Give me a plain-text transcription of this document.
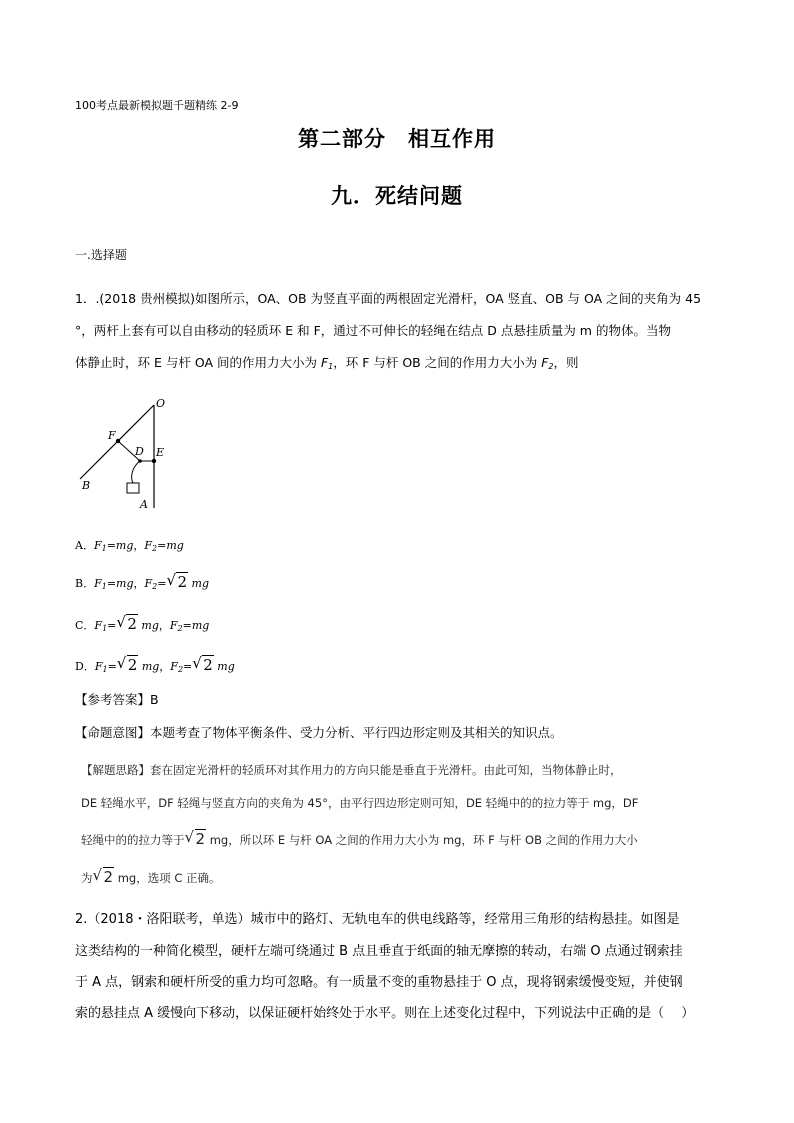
100考点最新模拟题千题精练 2-9
第二部分　相互作用
九．死结问题
一.选择题
1．.(2018 贵州模拟)如图所示，OA、OB 为竖直平面的两根固定光滑杆，OA 竖直、OB 与 OA 之间的夹角为 45
°，两杆上套有可以自由移动的轻质环 E 和 F，通过不可伸长的轻绳在结点 D 点悬挂质量为 m 的物体。当物
体静止时，环 E 与杆 OA 间的作用力大小为 $F_1$，环 F 与杆 OB 之间的作用力大小为 $F_2$，则
O
F
D E
B
A
A．$F_1=mg$，$F_2=mg$
B．$F_1=mg$，$F_2=√$ 2 mg
C．$F_1=√$ 2 mg，$F_2=mg$
D．$F_1=√$ 2 mg，$F_2=√$ 2 mg
【参考答案】B
【命题意图】本题考查了物体平衡条件、受力分析、平行四边形定则及其相关的知识点。
【解题思路】套在固定光滑杆的轻质环对其作用力的方向只能是垂直于光滑杆。由此可知，当物体静止时，
DE 轻绳水平，DF 轻绳与竖直方向的夹角为 45°，由平行四边形定则可知，DE 轻绳中的的拉力等于 mg，DF
轻绳中的的拉力等于√ 2 mg，所以环 E 与杆 OA 之间的作用力大小为 mg，环 F 与杆 OB 之间的作用力大小
为√ 2 mg，选项 C 正确。
2.（2018・洛阳联考，单选）城市中的路灯、无轨电车的供电线路等，经常用三角形的结构悬挂。如图是
这类结构的一种简化模型，硬杆左端可绕通过 B 点且垂直于纸面的轴无摩擦的转动，右端 O 点通过钢索挂
于 A 点，钢索和硬杆所受的重力均可忽略。有一质量不变的重物悬挂于 O 点，现将钢索缓慢变短，并使钢
索的悬挂点 A 缓慢向下移动，以保证硬杆始终处于水平。则在上述变化过程中，下列说法中正确的是（　 ）
